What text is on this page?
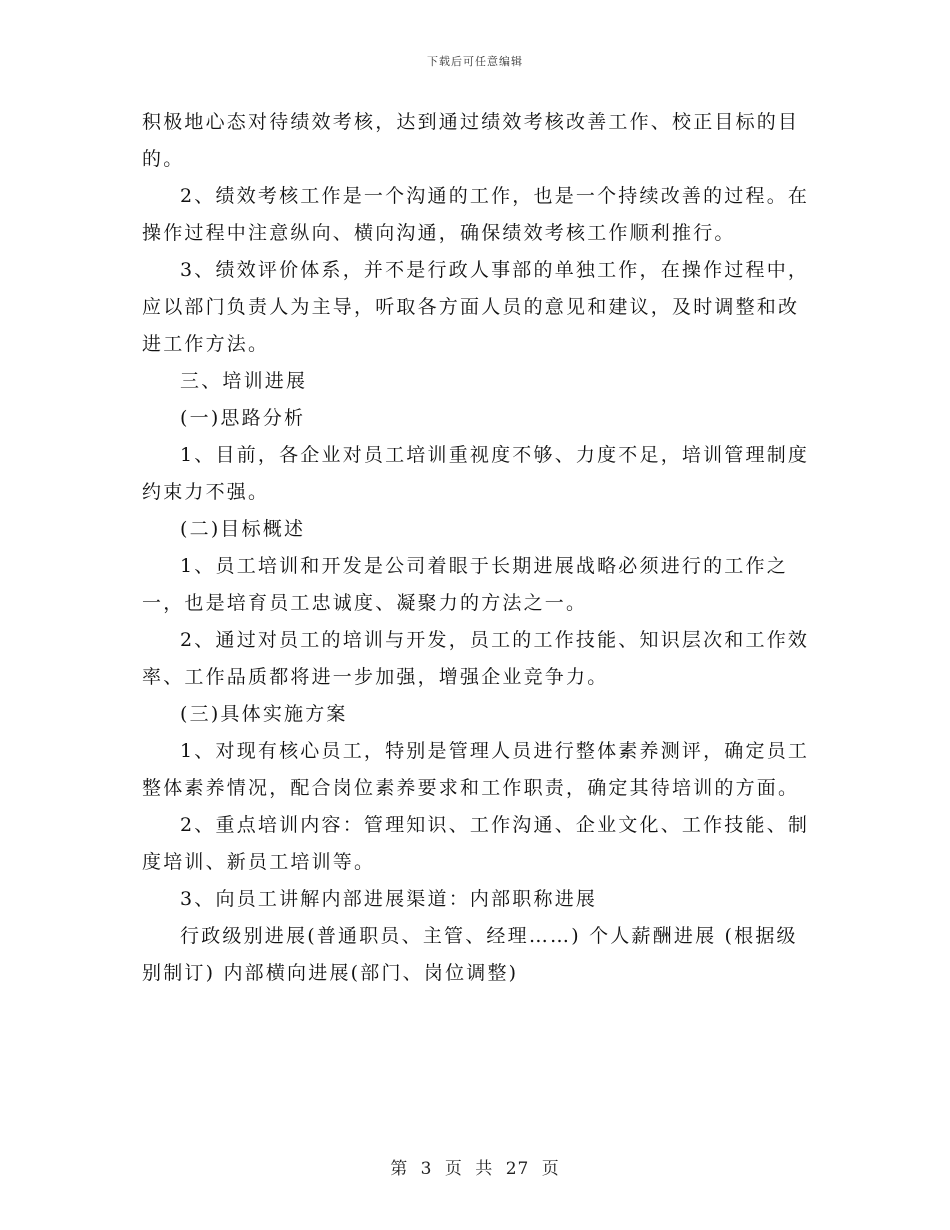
下载后可任意编辑

积极地心态对待绩效考核，达到通过绩效考核改善工作、校正目标的目的。

2、绩效考核工作是一个沟通的工作，也是一个持续改善的过程。在操作过程中注意纵向、横向沟通，确保绩效考核工作顺利推行。

3、绩效评价体系，并不是行政人事部的单独工作，在操作过程中，应以部门负责人为主导，听取各方面人员的意见和建议，及时调整和改进工作方法。

三、培训进展

(一)思路分析

1、目前，各企业对员工培训重视度不够、力度不足，培训管理制度约束力不强。

(二)目标概述

1、员工培训和开发是公司着眼于长期进展战略必须进行的工作之一，也是培育员工忠诚度、凝聚力的方法之一。

2、通过对员工的培训与开发，员工的工作技能、知识层次和工作效率、工作品质都将进一步加强，增强企业竞争力。

(三)具体实施方案

1、对现有核心员工，特别是管理人员进行整体素养测评，确定员工整体素养情况，配合岗位素养要求和工作职责，确定其待培训的方面。

2、重点培训内容：管理知识、工作沟通、企业文化、工作技能、制度培训、新员工培训等。

3、向员工讲解内部进展渠道：内部职称进展

行政级别进展(普通职员、主管、经理……) 个人薪酬进展 (根据级别制订) 内部横向进展(部门、岗位调整)

第 3 页 共 27 页
